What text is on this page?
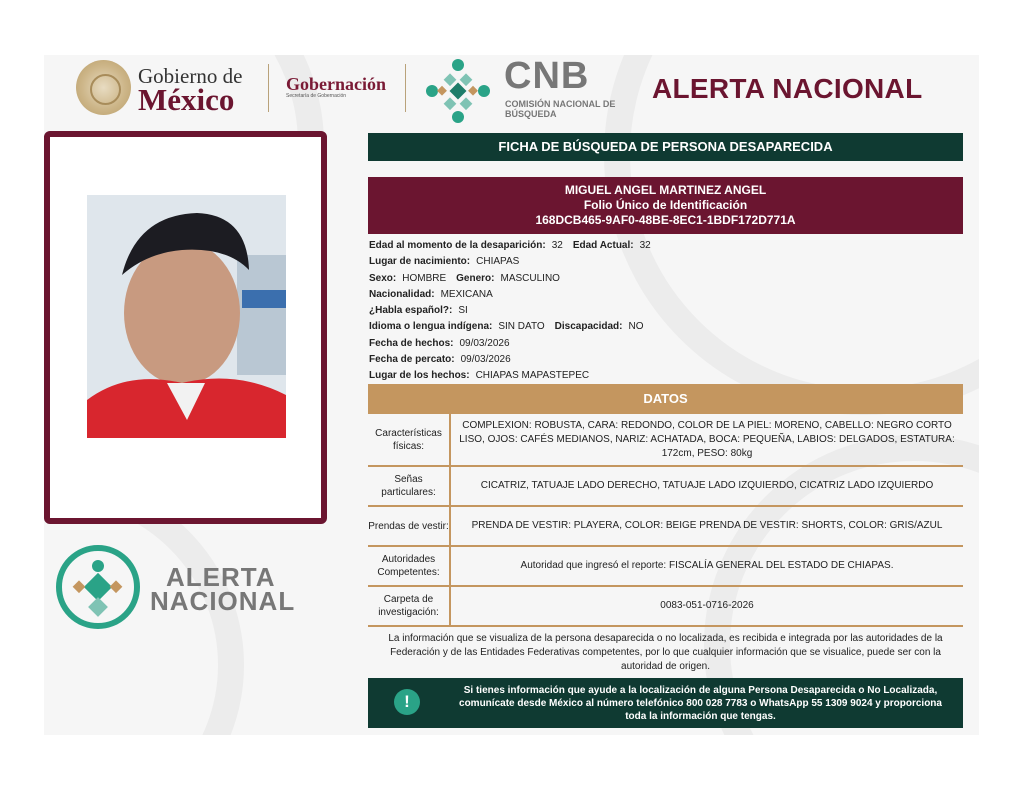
Gobierno de
México	Gobernación
Secretaría de Gobernación	CNB
COMISIÓN NACIONAL DE BÚSQUEDA
ALERTA NACIONAL
ALERTA
NACIONAL
FICHA DE BÚSQUEDA DE PERSONA DESAPARECIDA
MIGUEL ANGEL MARTINEZ ANGEL
Folio Único de Identificación
168DCB465-9AF0-48BE-8EC1-1BDF172D771A
Edad al momento de la desaparición: 32 Edad Actual: 32
Lugar de nacimiento: CHIAPAS
Sexo: HOMBRE Genero: MASCULINO
Nacionalidad: MEXICANA
¿Habla español?: SI
Idioma o lengua indígena: SIN DATO Discapacidad: NO
Fecha de hechos: 09/03/2026
Fecha de percato: 09/03/2026
Lugar de los hechos: CHIAPAS MAPASTEPEC
DATOS
Características físicas:	COMPLEXION: ROBUSTA, CARA: REDONDO, COLOR DE LA PIEL: MORENO, CABELLO: NEGRO CORTO LISO, OJOS: CAFÉS MEDIANOS, NARIZ: ACHATADA, BOCA: PEQUEÑA, LABIOS: DELGADOS, ESTATURA: 172cm, PESO: 80kg
Señas particulares:	CICATRIZ, TATUAJE LADO DERECHO, TATUAJE LADO IZQUIERDO, CICATRIZ LADO IZQUIERDO
Prendas de vestir:	PRENDA DE VESTIR: PLAYERA, COLOR: BEIGE PRENDA DE VESTIR: SHORTS, COLOR: GRIS/AZUL
Autoridades Competentes:	Autoridad que ingresó el reporte: FISCALÍA GENERAL DEL ESTADO DE CHIAPAS.
Carpeta de investigación:	0083-051-0716-2026
La información que se visualiza de la persona desaparecida o no localizada, es recibida e integrada por las autoridades de la Federación y de las Entidades Federativas competentes, por lo que cualquier información que se visualice, puede ser con la autoridad de origen.
!
Si tienes información que ayude a la localización de alguna Persona Desaparecida o No Localizada, comunícate desde México al número telefónico 800 028 7783 o WhatsApp 55 1309 9024 y proporciona toda la información que tengas.
